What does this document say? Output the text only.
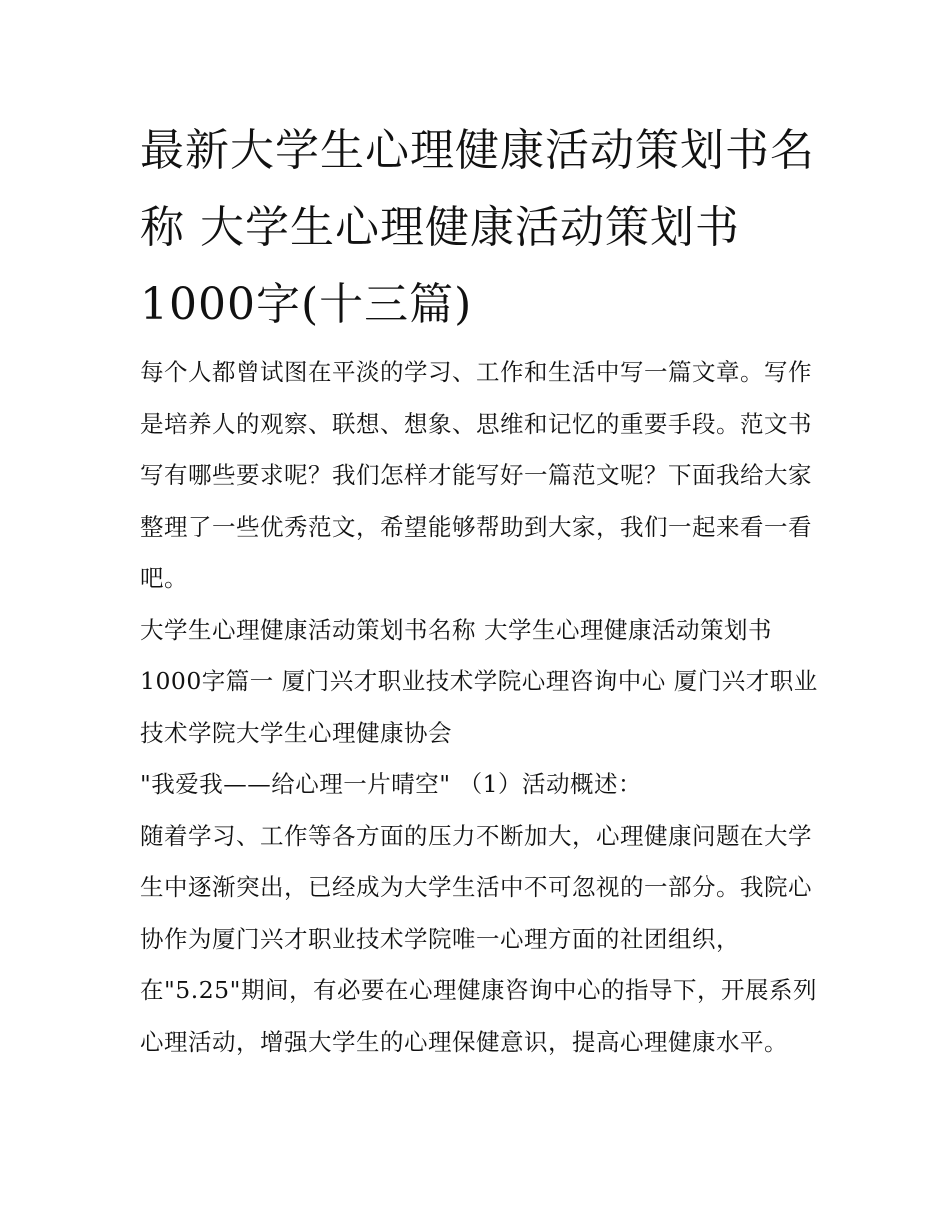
最新大学生心理健康活动策划书名称 大学生心理健康活动策划书1000字(十三篇)

每个人都曾试图在平淡的学习、工作和生活中写一篇文章。写作是培养人的观察、联想、想象、思维和记忆的重要手段。范文书写有哪些要求呢？我们怎样才能写好一篇范文呢？下面我给大家整理了一些优秀范文，希望能够帮助到大家，我们一起来看一看吧。

大学生心理健康活动策划书名称 大学生心理健康活动策划书1000字篇一 厦门兴才职业技术学院心理咨询中心 厦门兴才职业技术学院大学生心理健康协会

"我爱我——给心理一片晴空" （1）活动概述：

随着学习、工作等各方面的压力不断加大，心理健康问题在大学生中逐渐突出，已经成为大学生活中不可忽视的一部分。我院心协作为厦门兴才职业技术学院唯一心理方面的社团组织，在"5.25"期间，有必要在心理健康咨询中心的指导下，开展系列心理活动，增强大学生的心理保健意识，提高心理健康水平。
